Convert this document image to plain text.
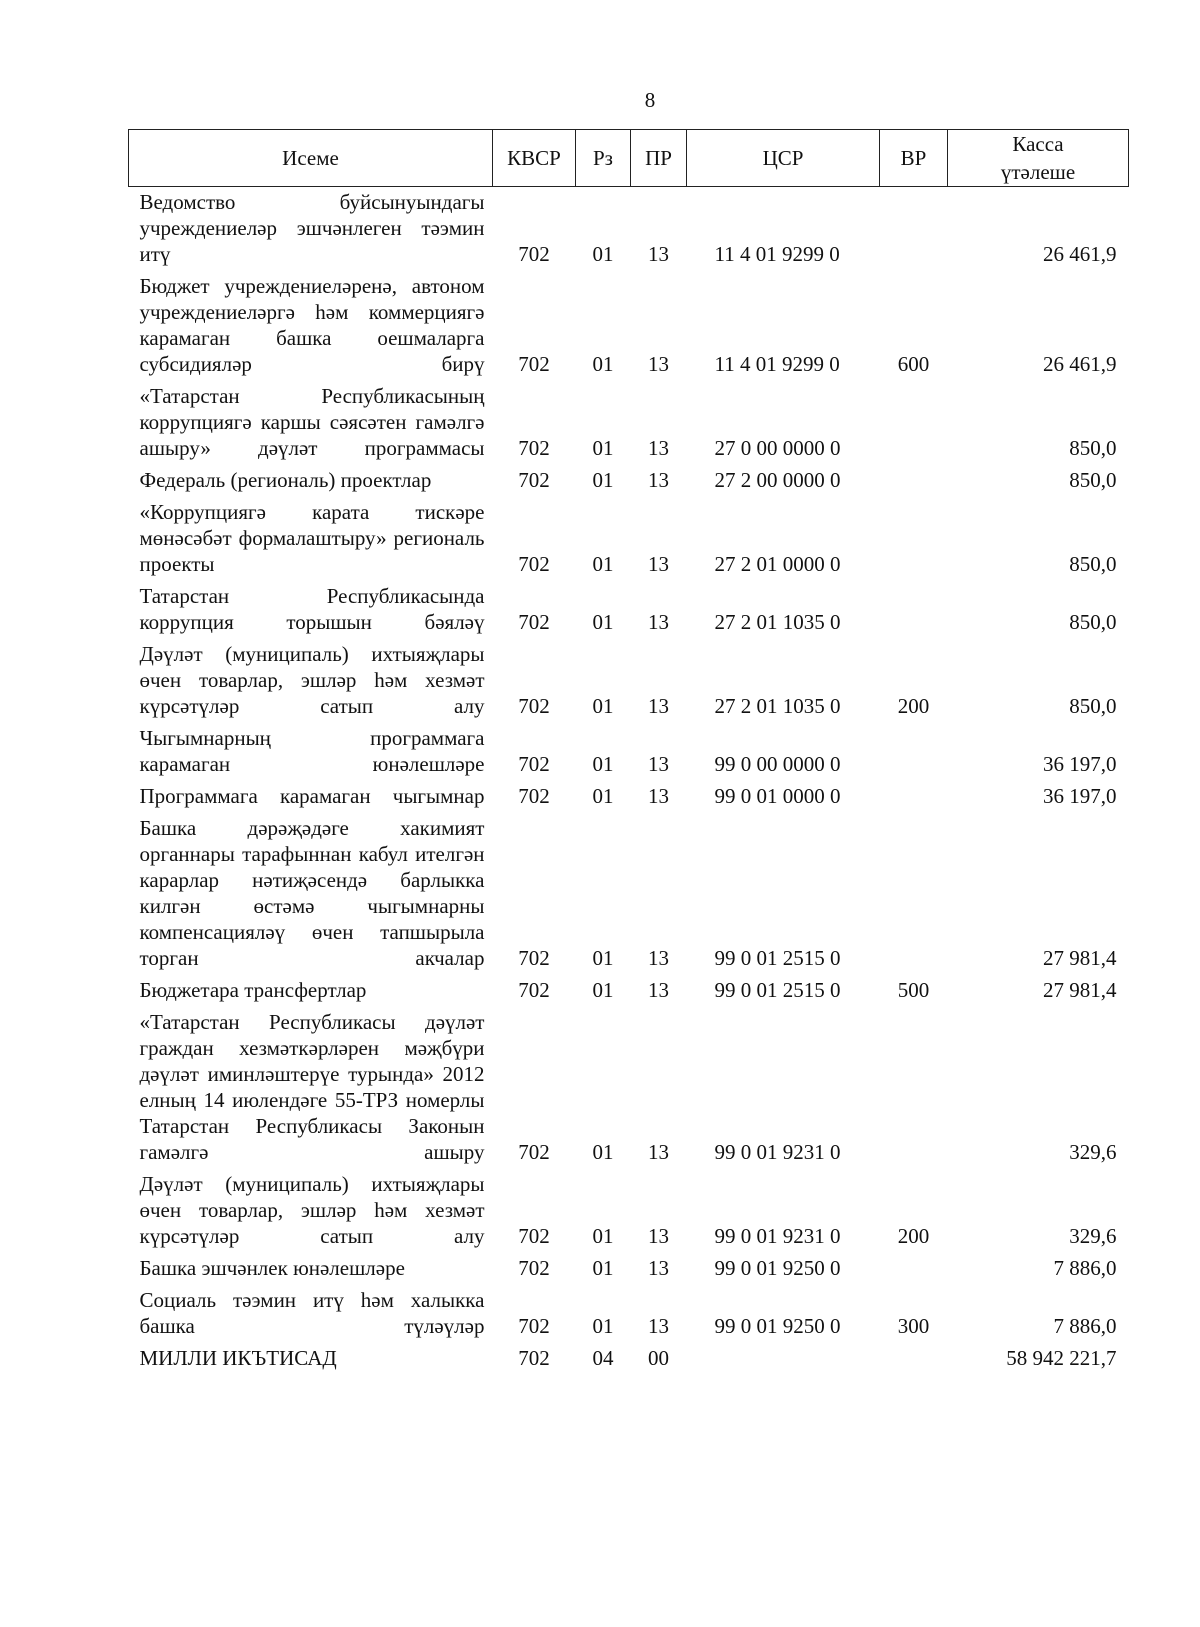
8
Исеме	КВСР	Рз	ПР	ЦСР	ВР	Касса
үтәлеше
Ведомство буйсынуындагы учреждениеләр эшчәнлеген тәэмин итү	702	01	13	11 4 01 9299 0		26 461,9
Бюджет учреждениеләренә, автоном учреждениеләргә һәм коммерциягә карамаган башка оешмаларга субсидияләр бирү	702	01	13	11 4 01 9299 0	600	26 461,9
«Татарстан Республикасының коррупциягә каршы сәясәтен гамәлгә ашыру» дәүләт программасы	702	01	13	27 0 00 0000 0		850,0
Федераль (региональ) проектлар	702	01	13	27 2 00 0000 0		850,0
«Коррупциягә карата тискәре мөнәсәбәт формалаштыру» региональ проекты	702	01	13	27 2 01 0000 0		850,0
Татарстан Республикасында коррупция торышын бәяләү	702	01	13	27 2 01 1035 0		850,0
Дәүләт (муниципаль) ихтыяҗлары өчен товарлар, эшләр һәм хезмәт күрсәтүләр сатып алу	702	01	13	27 2 01 1035 0	200	850,0
Чыгымнарның программага карамаган юнәлешләре	702	01	13	99 0 00 0000 0		36 197,0
Программага карамаган чыгымнар	702	01	13	99 0 01 0000 0		36 197,0
Башка дәрәҗәдәге хакимият органнары тарафыннан кабул ителгән карарлар нәтиҗәсендә барлыкка килгән өстәмә чыгымнарны компенсацияләү өчен тапшырыла торган акчалар	702	01	13	99 0 01 2515 0		27 981,4
Бюджетара трансфертлар	702	01	13	99 0 01 2515 0	500	27 981,4
«Татарстан Республикасы дәүләт граждан хезмәткәрләрен мәҗбүри дәүләт иминләштерүе турында» 2012 елның 14 июлендәге 55-ТРЗ номерлы Татарстан Республикасы Законын гамәлгә ашыру	702	01	13	99 0 01 9231 0		329,6
Дәүләт (муниципаль) ихтыяҗлары өчен товарлар, эшләр һәм хезмәт күрсәтүләр сатып алу	702	01	13	99 0 01 9231 0	200	329,6
Башка эшчәнлек юнәлешләре	702	01	13	99 0 01 9250 0		7 886,0
Социаль тәэмин итү һәм халыкка башка түләүләр	702	01	13	99 0 01 9250 0	300	7 886,0
МИЛЛИ ИКЪТИСАД	702	04	00			58 942 221,7
